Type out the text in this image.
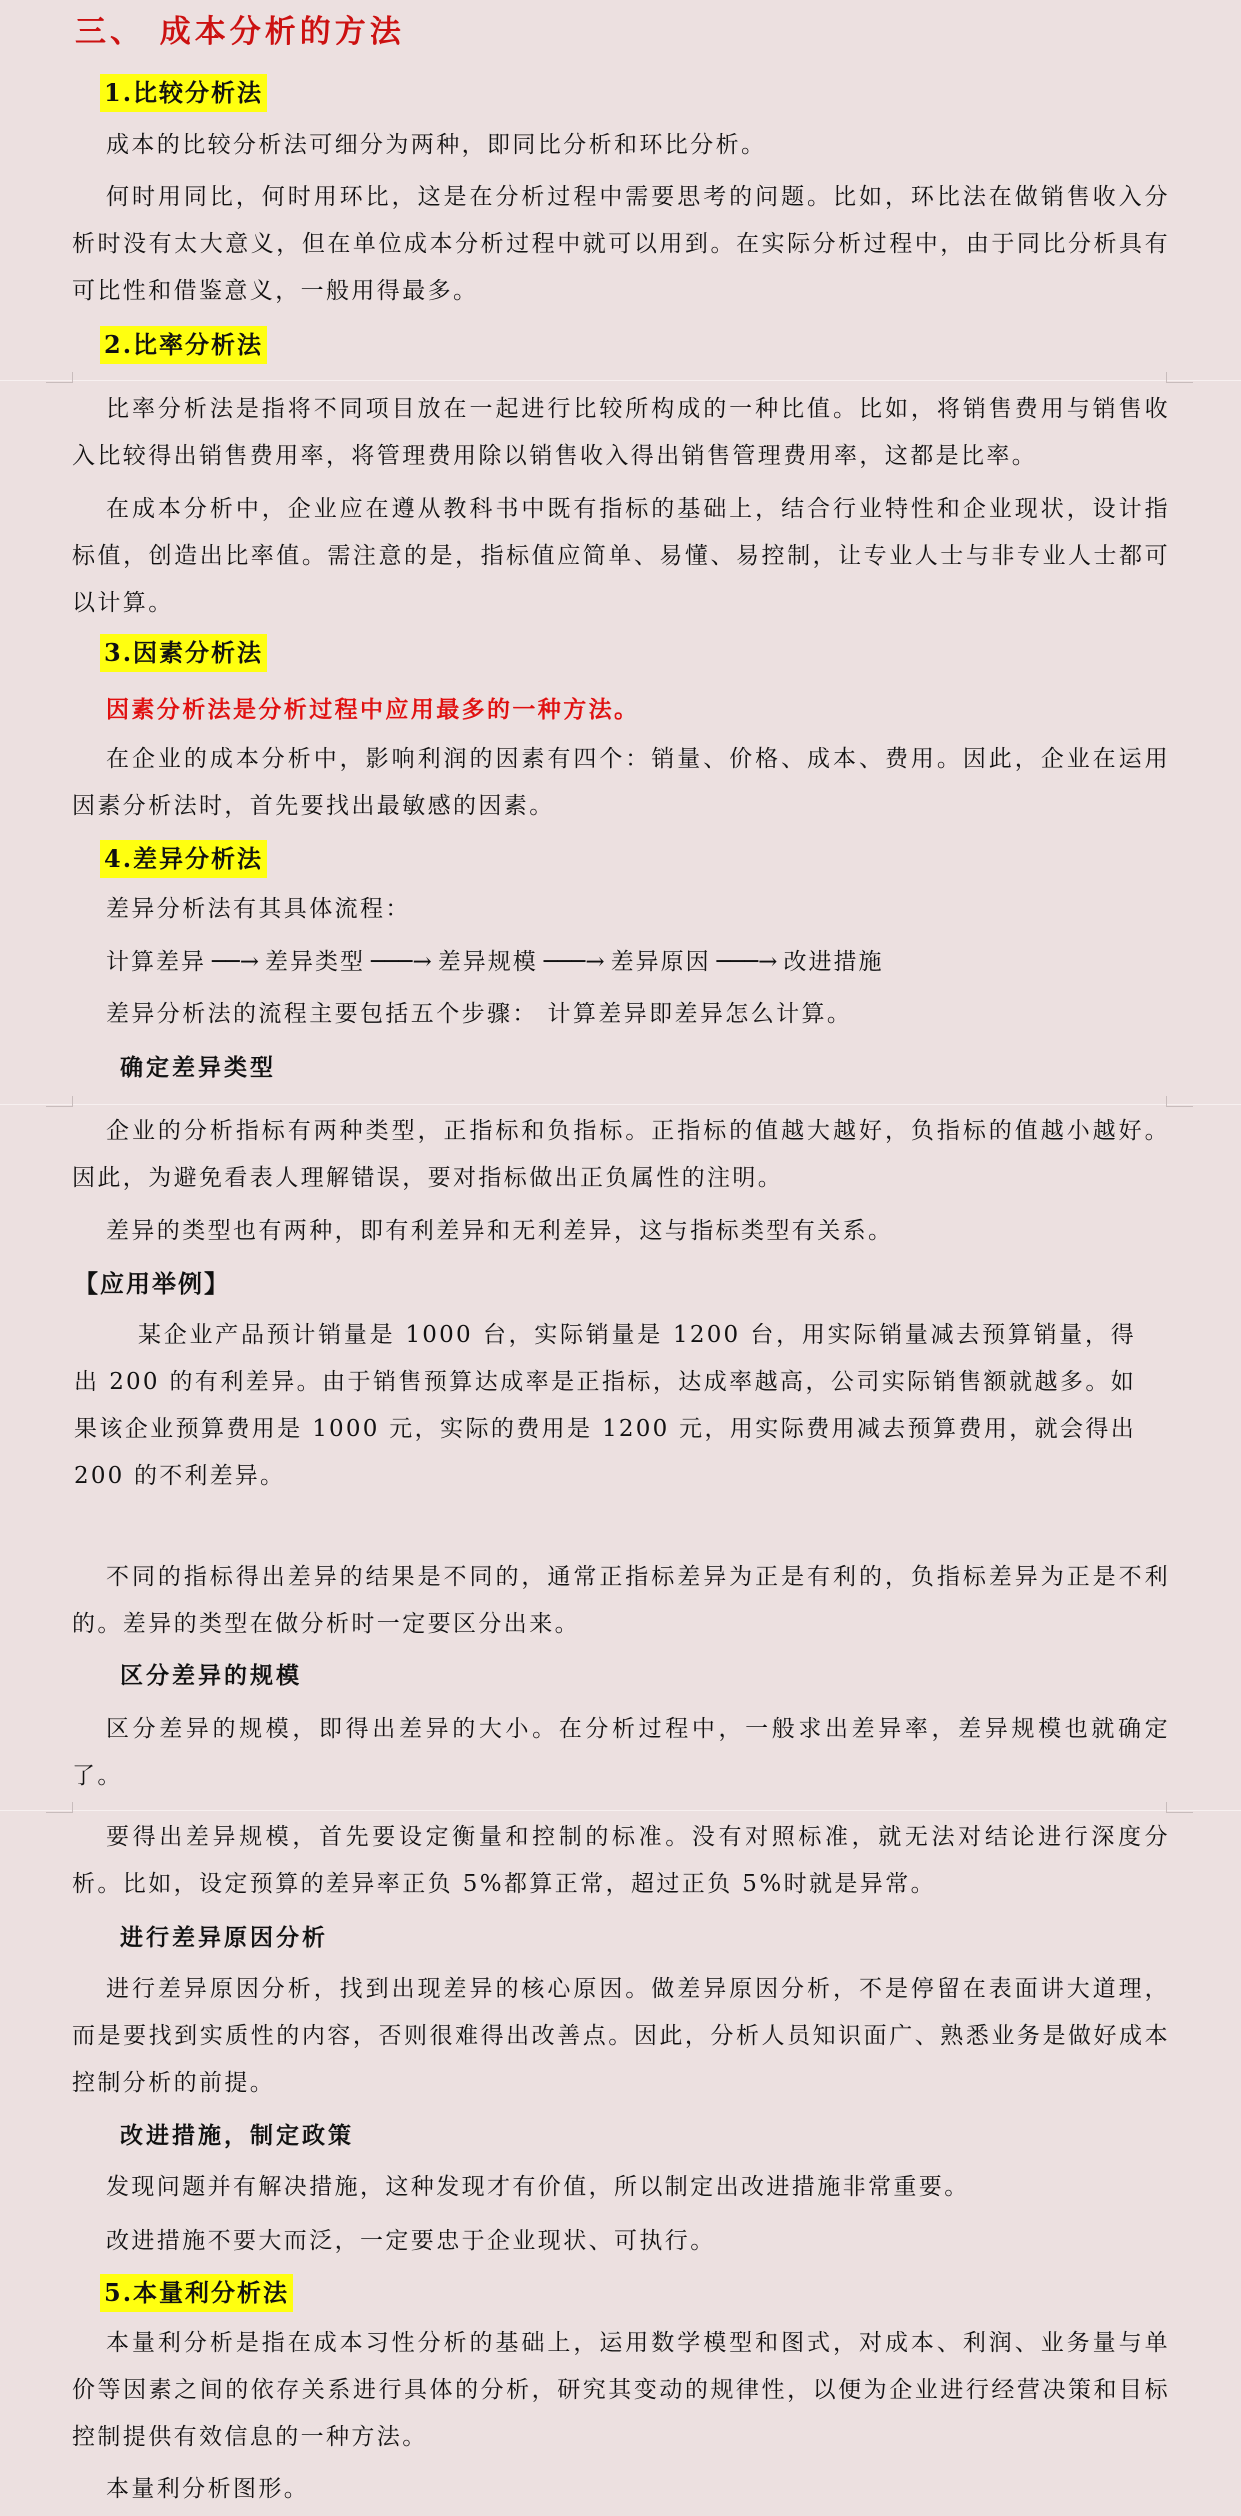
三、 成本分析的方法
1.比较分析法

成本的比较分析法可细分为两种，即同比分析和环比分析。

何时用同比，何时用环比，这是在分析过程中需要思考的问题。比如，环比法在做销售收入分析时没有太大意义，但在单位成本分析过程中就可以用到。在实际分析过程中，由于同比分析具有可比性和借鉴意义，一般用得最多。

2.比率分析法

比率分析法是指将不同项目放在一起进行比较所构成的一种比值。比如，将销售费用与销售收入比较得出销售费用率，将管理费用除以销售收入得出销售管理费用率，这都是比率。

在成本分析中，企业应在遵从教科书中既有指标的基础上，结合行业特性和企业现状，设计指标值，创造出比率值。需注意的是，指标值应简单、易懂、易控制，让专业人士与非专业人士都可以计算。

3.因素分析法

因素分析法是分析过程中应用最多的一种方法。

在企业的成本分析中，影响利润的因素有四个：销量、价格、成本、费用。因此，企业在运用因素分析法时，首先要找出最敏感的因素。

4.差异分析法

差异分析法有其具体流程：

计算差异 ──→ 差异类型 ───→ 差异规模 ───→ 差异原因 ───→ 改进措施

差异分析法的流程主要包括五个步骤： 计算差异即差异怎么计算。

确定差异类型

企业的分析指标有两种类型，正指标和负指标。正指标的值越大越好，负指标的值越小越好。因此，为避免看表人理解错误，要对指标做出正负属性的注明。

差异的类型也有两种，即有利差异和无利差异，这与指标类型有关系。

【应用举例】

某企业产品预计销量是 1000 台，实际销量是 1200 台，用实际销量减去预算销量，得出 200 的有利差异。由于销售预算达成率是正指标，达成率越高，公司实际销售额就越多。如果该企业预算费用是 1000 元，实际的费用是 1200 元，用实际费用减去预算费用，就会得出 200 的不利差异。

不同的指标得出差异的结果是不同的，通常正指标差异为正是有利的，负指标差异为正是不利的。差异的类型在做分析时一定要区分出来。

区分差异的规模

区分差异的规模，即得出差异的大小。在分析过程中，一般求出差异率，差异规模也就确定了。

要得出差异规模，首先要设定衡量和控制的标准。没有对照标准，就无法对结论进行深度分析。比如，设定预算的差异率正负 5%都算正常，超过正负 5%时就是异常。

进行差异原因分析

进行差异原因分析，找到出现差异的核心原因。做差异原因分析，不是停留在表面讲大道理，而是要找到实质性的内容，否则很难得出改善点。因此，分析人员知识面广、熟悉业务是做好成本控制分析的前提。

改进措施，制定政策

发现问题并有解决措施，这种发现才有价值，所以制定出改进措施非常重要。

改进措施不要大而泛，一定要忠于企业现状、可执行。

5.本量利分析法

本量利分析是指在成本习性分析的基础上，运用数学模型和图式，对成本、利润、业务量与单价等因素之间的依存关系进行具体的分析，研究其变动的规律性，以便为企业进行经营决策和目标控制提供有效信息的一种方法。

本量利分析图形。
